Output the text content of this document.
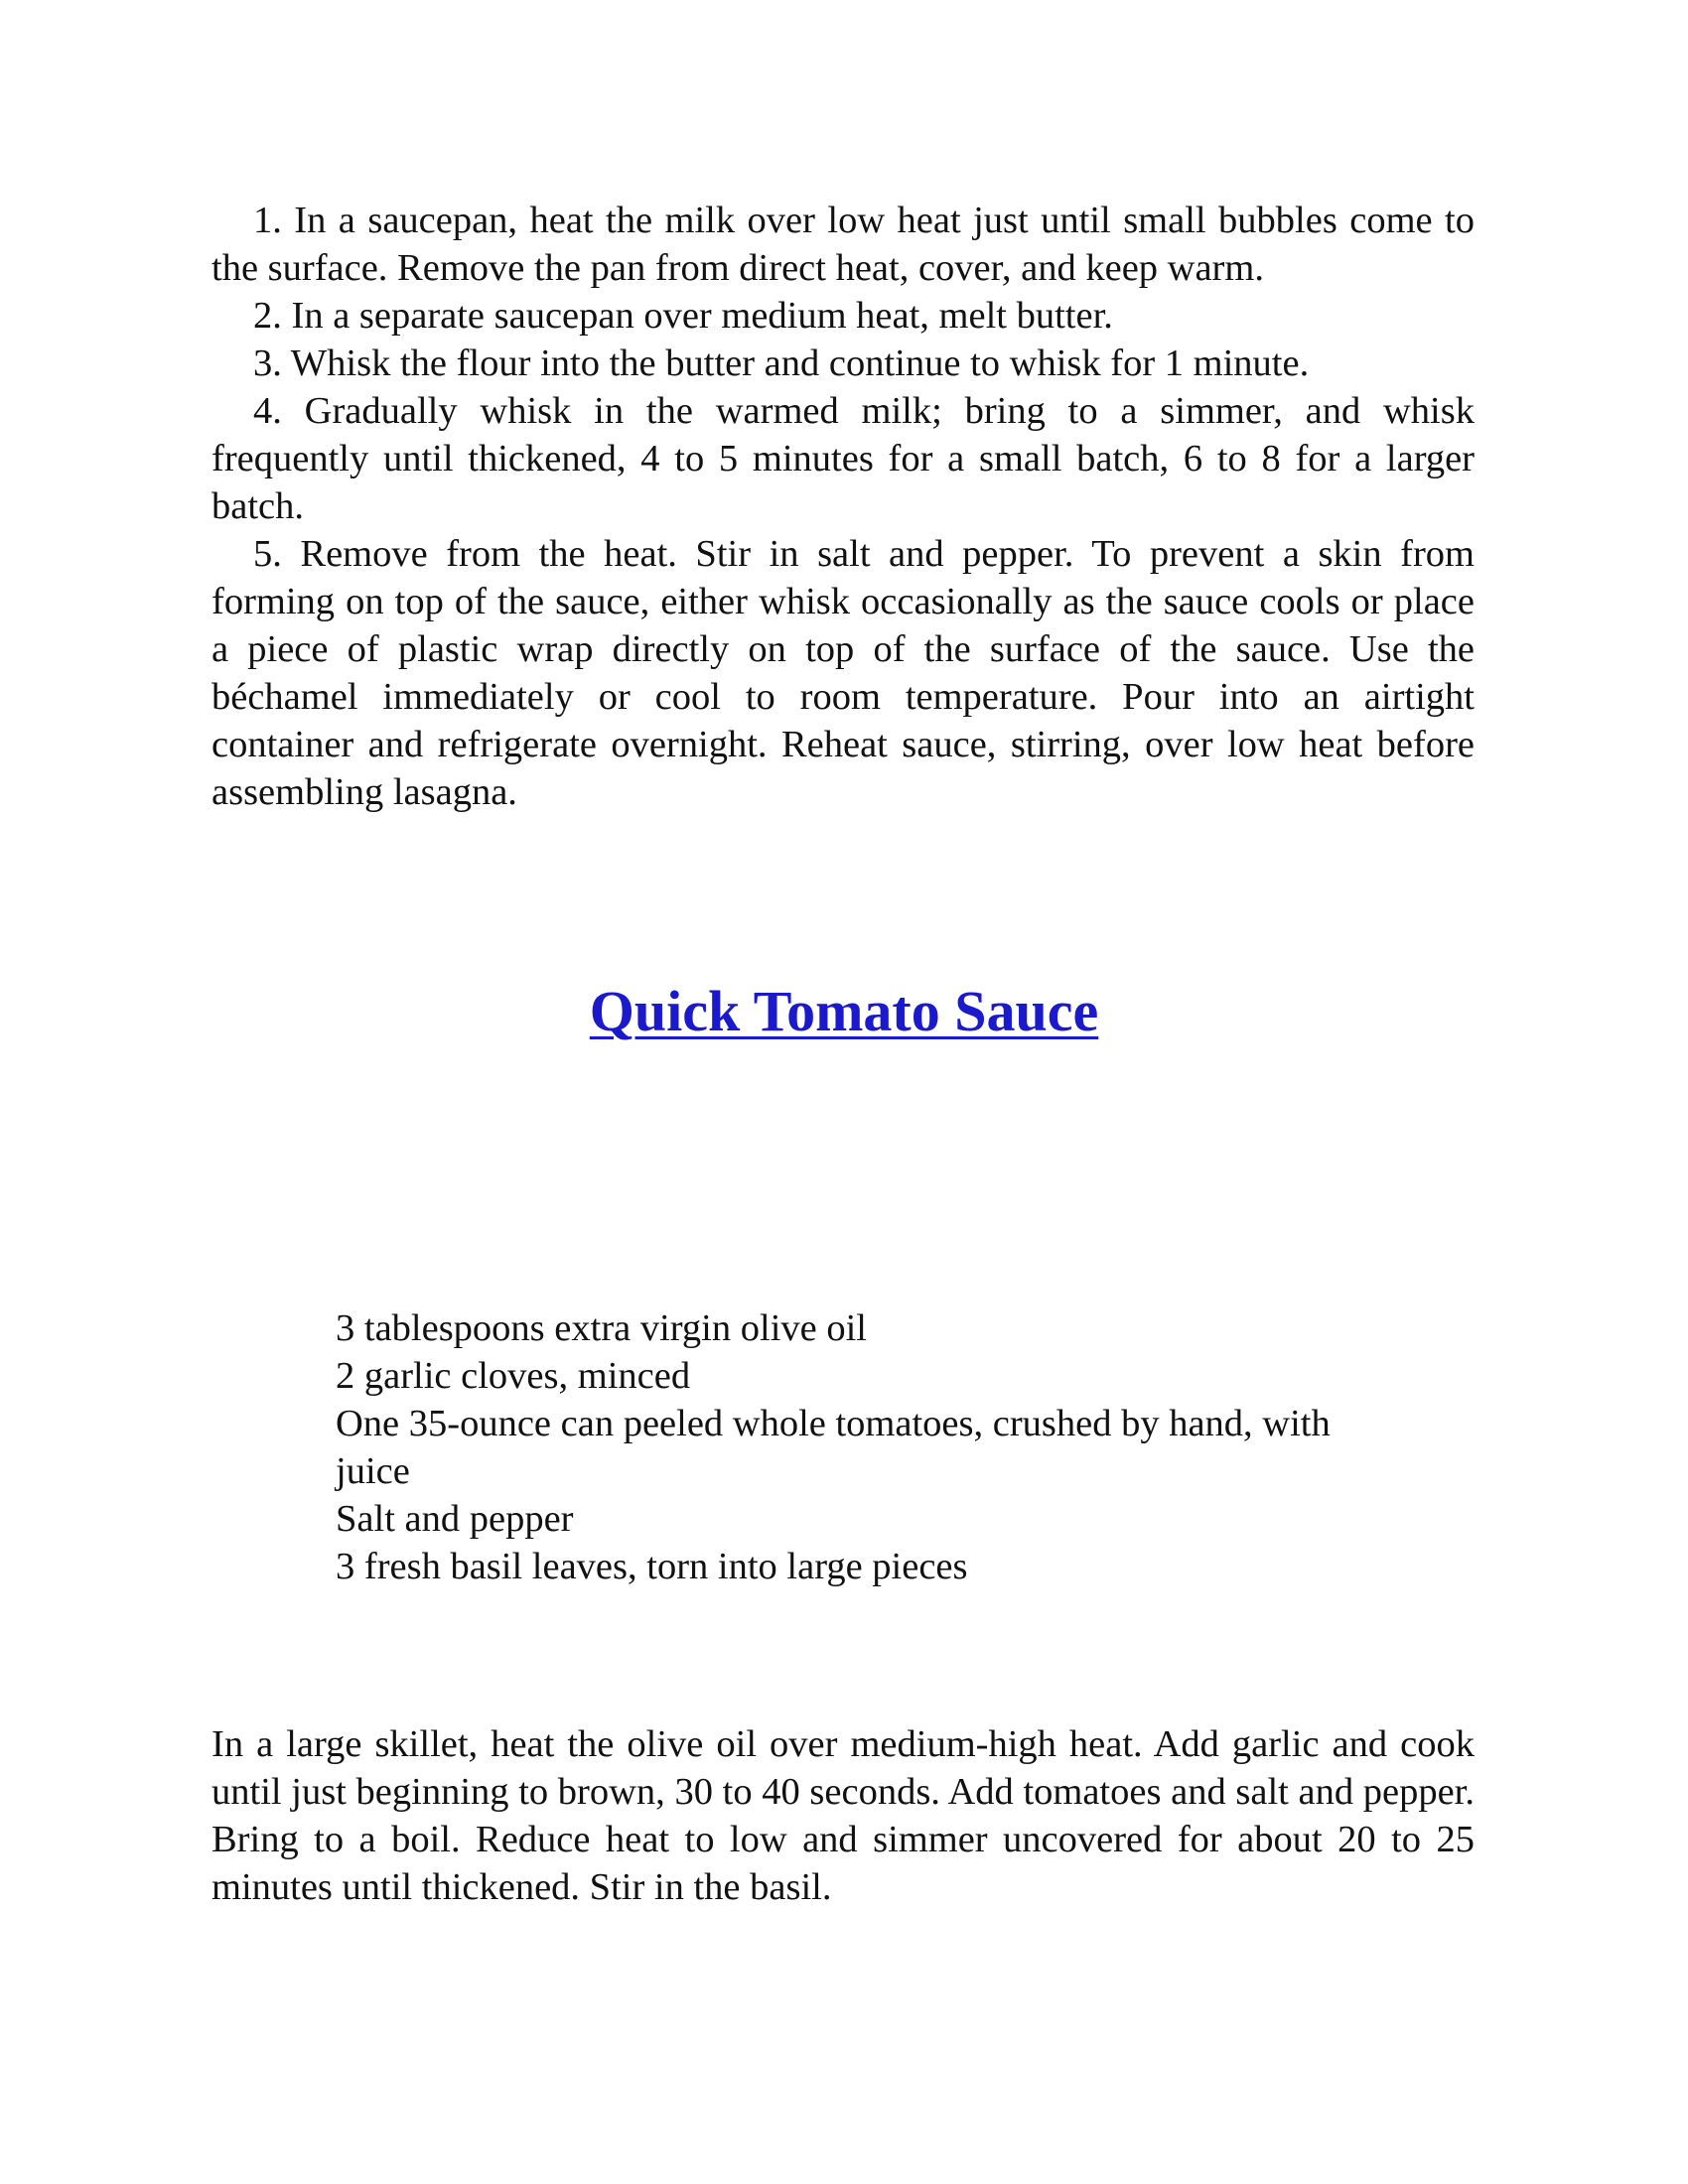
1. In a saucepan, heat the milk over low heat just until small bubbles come to the surface. Remove the pan from direct heat, cover, and keep warm.

2. In a separate saucepan over medium heat, melt butter.

3. Whisk the flour into the butter and continue to whisk for 1 minute.

4. Gradually whisk in the warmed milk; bring to a simmer, and whisk frequently until thickened, 4 to 5 minutes for a small batch, 6 to 8 for a larger batch.

5. Remove from the heat. Stir in salt and pepper. To prevent a skin from forming on top of the sauce, either whisk occasionally as the sauce cools or place a piece of plastic wrap directly on top of the surface of the sauce. Use the béchamel immediately or cool to room temperature. Pour into an airtight container and refrigerate overnight. Reheat sauce, stirring, over low heat before assembling lasagna.

Quick Tomato Sauce
3 tablespoons extra virgin olive oil
2 garlic cloves, minced
One 35-ounce can peeled whole tomatoes, crushed by hand, with juice
Salt and pepper
3 fresh basil leaves, torn into large pieces

In a large skillet, heat the olive oil over medium-high heat. Add garlic and cook until just beginning to brown, 30 to 40 seconds. Add tomatoes and salt and pepper. Bring to a boil. Reduce heat to low and simmer uncovered for about 20 to 25 minutes until thickened. Stir in the basil.
